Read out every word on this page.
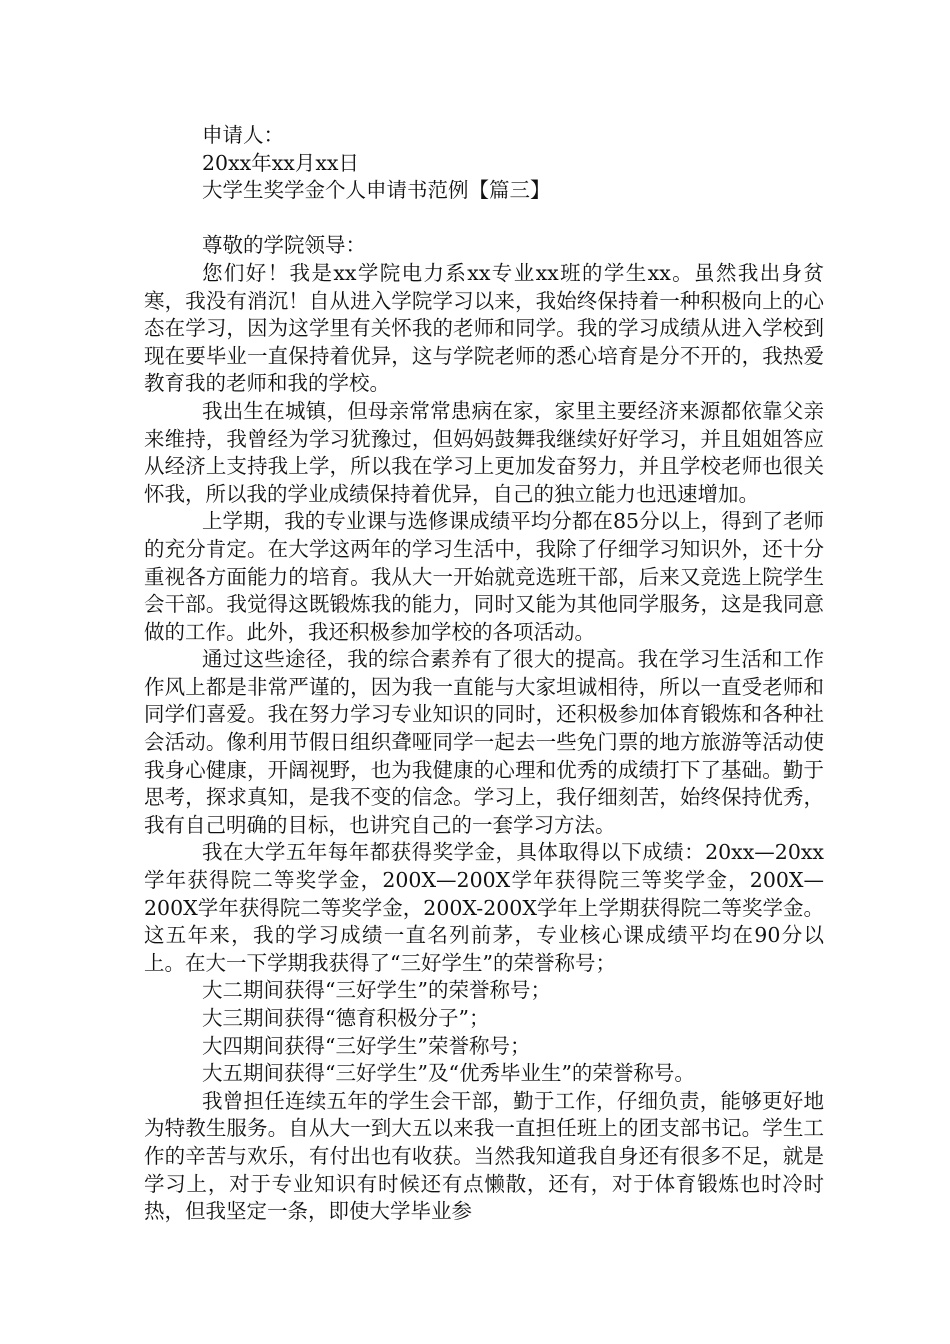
申请人：
20xx年xx月xx日
大学生奖学金个人申请书范例【篇三】
尊敬的学院领导：

您们好！我是xx学院电力系xx专业xx班的学生xx。虽然我出身贫寒，我没有消沉！自从进入学院学习以来，我始终保持着一种积极向上的心态在学习，因为这学里有关怀我的老师和同学。我的学习成绩从进入学校到现在要毕业一直保持着优异，这与学院老师的悉心培育是分不开的，我热爱教育我的老师和我的学校。

我出生在城镇，但母亲常常患病在家，家里主要经济来源都依靠父亲来维持，我曾经为学习犹豫过，但妈妈鼓舞我继续好好学习，并且姐姐答应从经济上支持我上学，所以我在学习上更加发奋努力，并且学校老师也很关怀我，所以我的学业成绩保持着优异，自己的独立能力也迅速增加。

上学期，我的专业课与选修课成绩平均分都在85分以上，得到了老师的充分肯定。在大学这两年的学习生活中，我除了仔细学习知识外，还十分重视各方面能力的培育。我从大一开始就竞选班干部，后来又竞选上院学生会干部。我觉得这既锻炼我的能力，同时又能为其他同学服务，这是我同意做的工作。此外，我还积极参加学校的各项活动。

通过这些途径，我的综合素养有了很大的提高。我在学习生活和工作作风上都是非常严谨的，因为我一直能与大家坦诚相待，所以一直受老师和同学们喜爱。我在努力学习专业知识的同时，还积极参加体育锻炼和各种社会活动。像利用节假日组织聋哑同学一起去一些免门票的地方旅游等活动使我身心健康，开阔视野，也为我健康的心理和优秀的成绩打下了基础。勤于思考，探求真知，是我不变的信念。学习上，我仔细刻苦，始终保持优秀，我有自己明确的目标，也讲究自己的一套学习方法。

我在大学五年每年都获得奖学金，具体取得以下成绩：20xx—20xx学年获得院二等奖学金，200X—200X学年获得院三等奖学金，200X—200X学年获得院二等奖学金，200X-200X学年上学期获得院二等奖学金。这五年来，我的学习成绩一直名列前茅，专业核心课成绩平均在90分以上。在大一下学期我获得了“三好学生”的荣誉称号；

大二期间获得“三好学生”的荣誉称号；
大三期间获得“德育积极分子”；
大四期间获得“三好学生”荣誉称号；
大五期间获得“三好学生”及“优秀毕业生”的荣誉称号。

我曾担任连续五年的学生会干部，勤于工作，仔细负责，能够更好地为特教生服务。自从大一到大五以来我一直担任班上的团支部书记。学生工作的辛苦与欢乐，有付出也有收获。当然我知道我自身还有很多不足，就是学习上，对于专业知识有时候还有点懒散，还有，对于体育锻炼也时冷时热，但我坚定一条，即使大学毕业参
